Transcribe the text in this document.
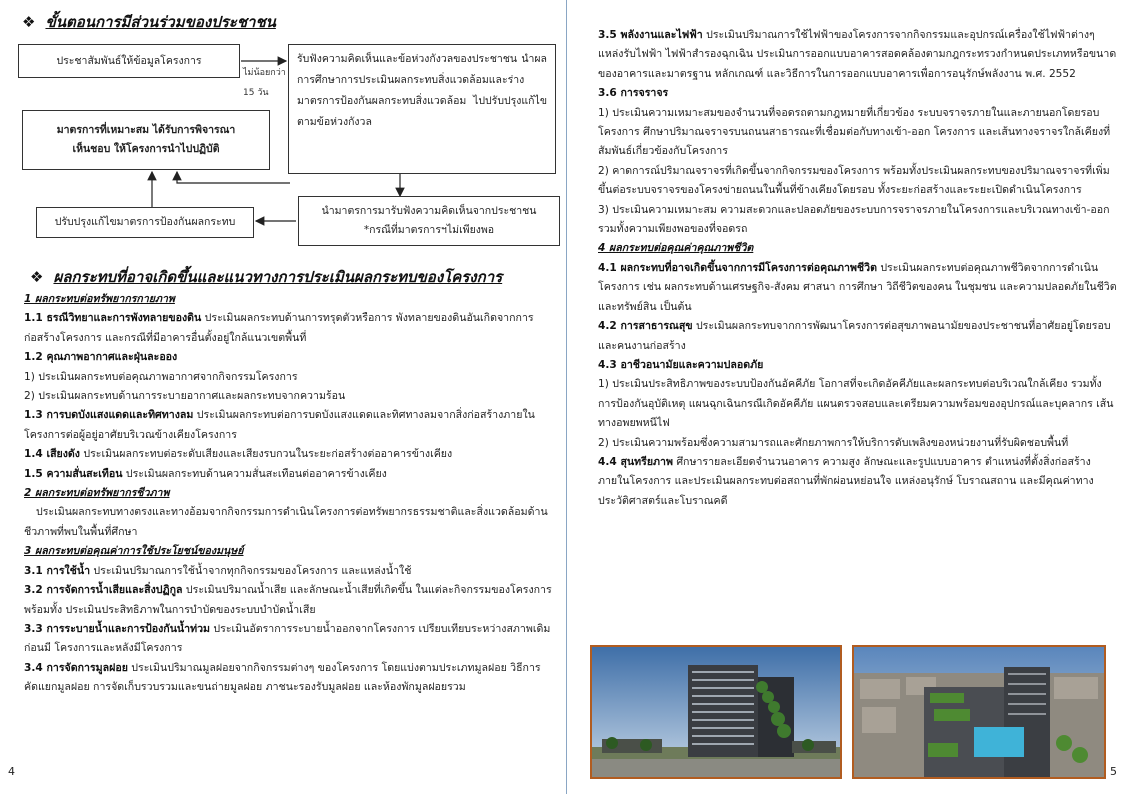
❖ ขั้นตอนการมีส่วนร่วมของประชาชน
ประชาสัมพันธ์ให้ข้อมูลโครงการ
ไม่น้อยกว่า
15 วัน
รับฟังความคิดเห็นและข้อห่วงกังวลของประชาชน นำผลการศึกษาการประเมินผลกระทบสิ่งแวดล้อมและร่างมาตรการป้องกันผลกระทบสิ่งแวดล้อม ไปปรับปรุงแก้ไขตามข้อห่วงกังวล
มาตรการที่เหมาะสม ได้รับการพิจารณา
เห็นชอบ ให้โครงการนำไปปฏิบัติ
นำมาตรการมารับฟังความคิดเห็นจากประชาชน
*กรณีที่มาตรการฯไม่เพียงพอ
ปรับปรุงแก้ไขมาตรการป้องกันผลกระทบ
❖ ผลกระทบที่อาจเกิดขึ้นและแนวทางการประเมินผลกระทบของโครงการ

1 ผลกระทบต่อทรัพยากรกายภาพ

1.1 ธรณีวิทยาและการพังทลายของดิน ประเมินผลกระทบด้านการทรุดตัวหรือการ พังทลายของดินอันเกิดจากการก่อสร้างโครงการ และกรณีที่มีอาคารอื่นตั้งอยู่ใกล้แนวเขตพื้นที่

1.2 คุณภาพอากาศและฝุ่นละออง

1) ประเมินผลกระทบต่อคุณภาพอากาศจากกิจกรรมโครงการ

2) ประเมินผลกระทบด้านการระบายอากาศและผลกระทบจากความร้อน

1.3 การบดบังแสงแดดและทิศทางลม ประเมินผลกระทบต่อการบดบังแสงแดดและทิศทางลมจากสิ่งก่อสร้างภายในโครงการต่อผู้อยู่อาศัยบริเวณข้างเคียงโครงการ

1.4 เสียงดัง ประเมินผลกระทบต่อระดับเสียงและเสียงรบกวนในระยะก่อสร้างต่ออาคารข้างเคียง

1.5 ความสั่นสะเทือน ประเมินผลกระทบด้านความสั่นสะเทือนต่ออาคารข้างเคียง

2 ผลกระทบต่อทรัพยากรชีวภาพ

ประเมินผลกระทบทางตรงและทางอ้อมจากกิจกรรมการดำเนินโครงการต่อทรัพยากรธรรมชาติและสิ่งแวดล้อมด้านชีวภาพที่พบในพื้นที่ศึกษา

3 ผลกระทบต่อคุณค่าการใช้ประโยชน์ของมนุษย์

3.1 การใช้น้ำ ประเมินปริมาณการใช้น้ำจากทุกกิจกรรมของโครงการ และแหล่งน้ำใช้

3.2 การจัดการน้ำเสียและสิ่งปฏิกูล ประเมินปริมาณน้ำเสีย และลักษณะน้ำเสียที่เกิดขึ้น ในแต่ละกิจกรรมของโครงการ พร้อมทั้ง ประเมินประสิทธิภาพในการบำบัดของระบบบำบัดน้ำเสีย

3.3 การระบายน้ำและการป้องกันน้ำท่วม ประเมินอัตราการระบายน้ำออกจากโครงการ เปรียบเทียบระหว่างสภาพเดิมก่อนมี โครงการและหลังมีโครงการ

3.4 การจัดการมูลฝอย ประเมินปริมาณมูลฝอยจากกิจกรรมต่างๆ ของโครงการ โดยแบ่งตามประเภทมูลฝอย วิธีการคัดแยกมูลฝอย การจัดเก็บรวบรวมและขนถ่ายมูลฝอย ภาชนะรองรับมูลฝอย และห้องพักมูลฝอยรวม

4

3.5 พลังงานและไฟฟ้า ประเมินปริมาณการใช้ไฟฟ้าของโครงการจากกิจกรรมและอุปกรณ์เครื่องใช้ไฟฟ้าต่างๆ แหล่งรับไฟฟ้า ไฟฟ้าสำรองฉุกเฉิน ประเมินการออกแบบอาคารสอดคล้องตามกฎกระทรวงกำหนดประเภทหรือขนาดของอาคารและมาตรฐาน หลักเกณฑ์ และวิธีการในการออกแบบอาคารเพื่อการอนุรักษ์พลังงาน พ.ศ. 2552

3.6 การจราจร

1) ประเมินความเหมาะสมของจำนวนที่จอดรถตามกฎหมายที่เกี่ยวข้อง ระบบจราจรภายในและภายนอกโดยรอบโครงการ ศึกษาปริมาณจราจรบนถนนสาธารณะที่เชื่อมต่อกับทางเข้า-ออก โครงการ และเส้นทางจราจรใกล้เคียงที่สัมพันธ์เกี่ยวข้องกับโครงการ

2) คาดการณ์ปริมาณจราจรที่เกิดขึ้นจากกิจกรรมของโครงการ พร้อมทั้งประเมินผลกระทบของปริมาณจราจรที่เพิ่มขึ้นต่อระบบจราจรของโครงข่ายถนนในพื้นที่ข้างเคียงโดยรอบ ทั้งระยะก่อสร้างและระยะเปิดดำเนินโครงการ

3) ประเมินความเหมาะสม ความสะดวกและปลอดภัยของระบบการจราจรภายในโครงการและบริเวณทางเข้า-ออก รวมทั้งความเพียงพอของที่จอดรถ

4 ผลกระทบต่อคุณค่าคุณภาพชีวิต

4.1 ผลกระทบที่อาจเกิดขึ้นจากการมีโครงการต่อคุณภาพชีวิต ประเมินผลกระทบต่อคุณภาพชีวิตจากการดำเนินโครงการ เช่น ผลกระทบด้านเศรษฐกิจ-สังคม ศาสนา การศึกษา วิถีชีวิตของคน ในชุมชน และความปลอดภัยในชีวิตและทรัพย์สิน เป็นต้น

4.2 การสาธารณสุข ประเมินผลกระทบจากการพัฒนาโครงการต่อสุขภาพอนามัยของประชาชนที่อาศัยอยู่โดยรอบและคนงานก่อสร้าง

4.3 อาชีวอนามัยและความปลอดภัย

1) ประเมินประสิทธิภาพของระบบป้องกันอัคคีภัย โอกาสที่จะเกิดอัคคีภัยและผลกระทบต่อบริเวณใกล้เคียง รวมทั้งการป้องกันอุบัติเหตุ แผนฉุกเฉินกรณีเกิดอัคคีภัย แผนตรวจสอบและเตรียมความพร้อมของอุปกรณ์และบุคลากร เส้นทางอพยพหนีไฟ

2) ประเมินความพร้อมซึ่งความสามารถและศักยภาพการให้บริการดับเพลิงของหน่วยงานที่รับผิดชอบพื้นที่

4.4 สุนทรียภาพ ศึกษารายละเอียดจำนวนอาคาร ความสูง ลักษณะและรูปแบบอาคาร ตำแหน่งที่ตั้งสิ่งก่อสร้างภายในโครงการ และประเมินผลกระทบต่อสถานที่พักผ่อนหย่อนใจ แหล่งอนุรักษ์ โบราณสถาน และมีคุณค่าทางประวัติศาสตร์และโบราณคดี

5
